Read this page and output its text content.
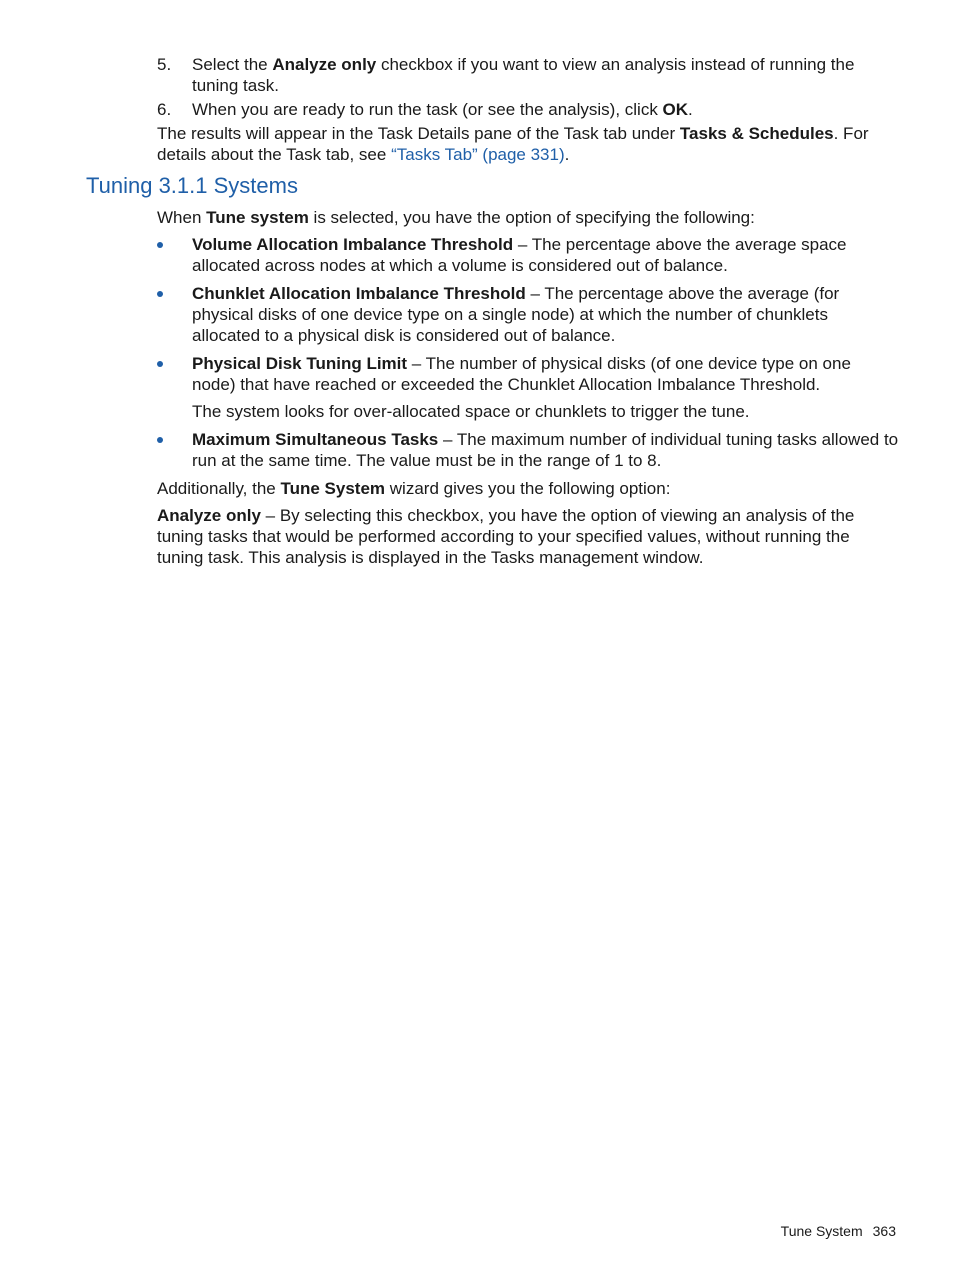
5. Select the Analyze only checkbox if you want to view an analysis instead of running the tuning task.
6. When you are ready to run the task (or see the analysis), click OK.

The results will appear in the Task Details pane of the Task tab under Tasks & Schedules. For details about the Task tab, see “Tasks Tab” (page 331).

Tuning 3.1.1 Systems

When Tune system is selected, you have the option of specifying the following:

Volume Allocation Imbalance Threshold – The percentage above the average space allocated across nodes at which a volume is considered out of balance.
Chunklet Allocation Imbalance Threshold – The percentage above the average (for physical disks of one device type on a single node) at which the number of chunklets allocated to a physical disk is considered out of balance.
Physical Disk Tuning Limit – The number of physical disks (of one device type on one node) that have reached or exceeded the Chunklet Allocation Imbalance Threshold.

The system looks for over-allocated space or chunklets to trigger the tune.

Maximum Simultaneous Tasks – The maximum number of individual tuning tasks allowed to run at the same time. The value must be in the range of 1 to 8.

Additionally, the Tune System wizard gives you the following option:

Analyze only – By selecting this checkbox, you have the option of viewing an analysis of the tuning tasks that would be performed according to your specified values, without running the tuning task. This analysis is displayed in the Tasks management window.

Tune System 363
